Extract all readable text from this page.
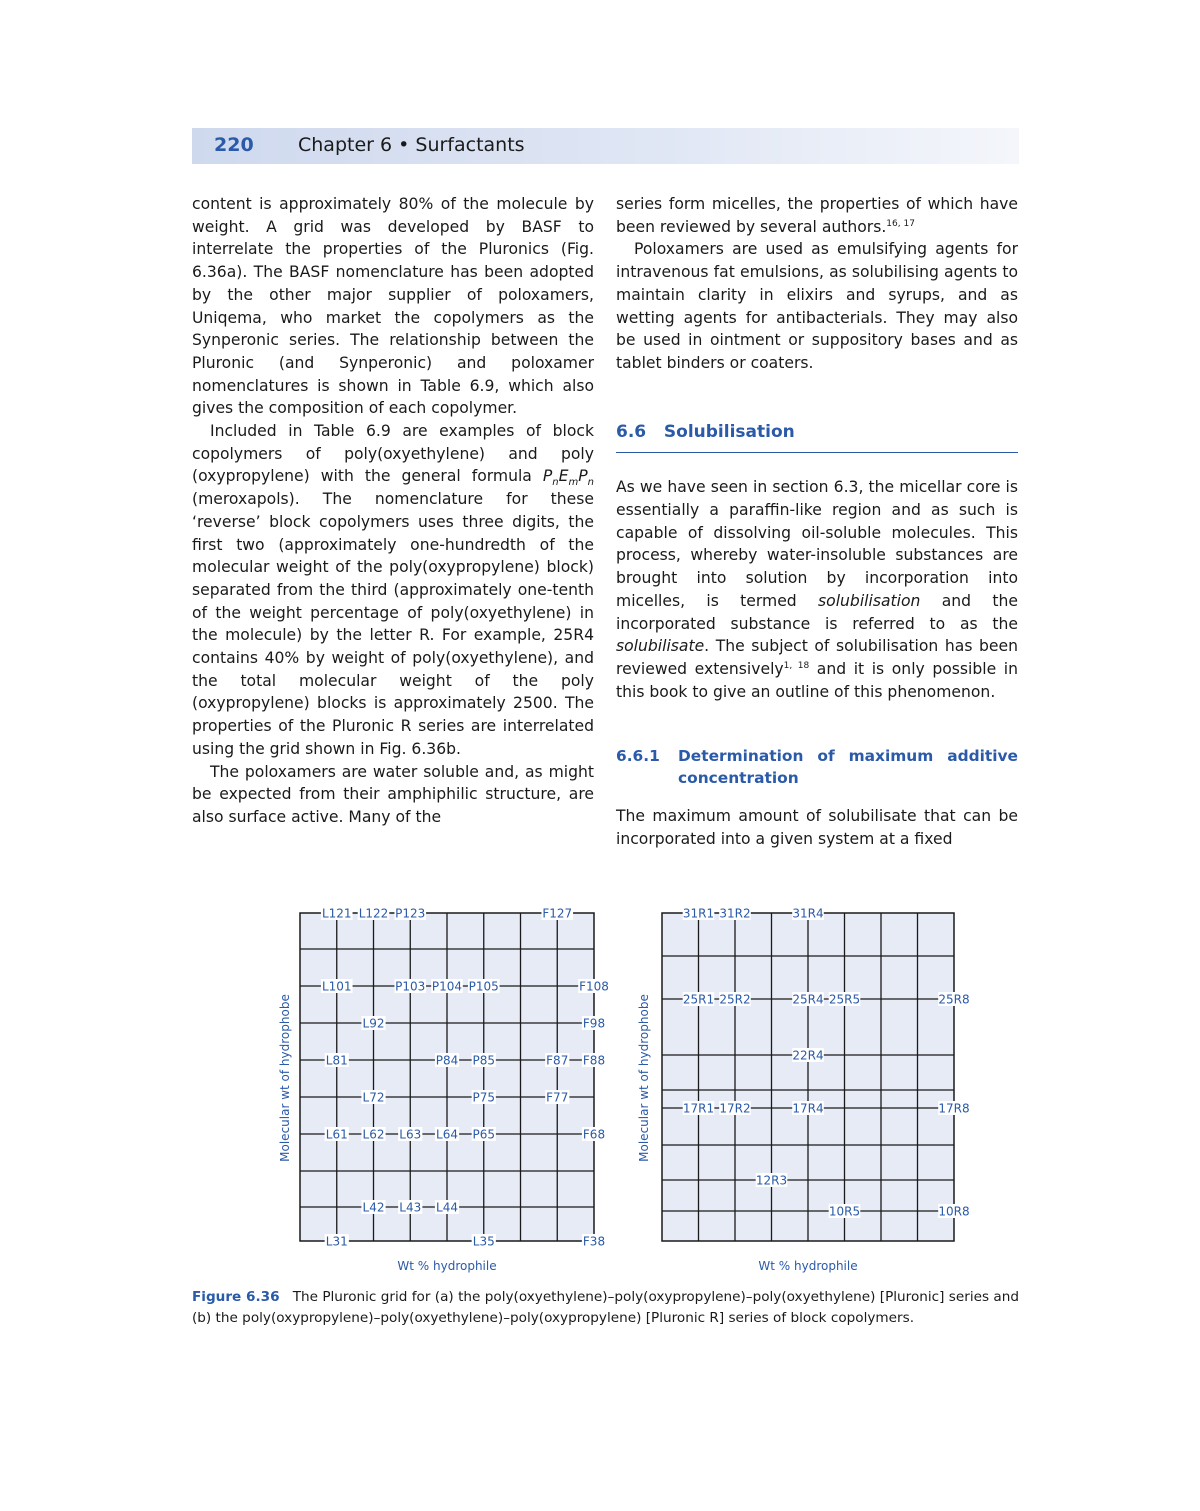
220 Chapter 6 • Surfactants

content is approximately 80% of the molecule by weight. A grid was developed by BASF to interrelate the properties of the Pluronics (Fig. 6.36a). The BASF nomenclature has been adopted by the other major supplier of poloxamers, Uniqema, who market the copolymers as the Synperonic series. The relationship between the Pluronic (and Synperonic) and poloxamer nomenclatures is shown in Table 6.9, which also gives the composition of each copolymer.

Included in Table 6.9 are examples of block copolymers of poly(oxyethylene) and poly (oxypropylene) with the general formula $P_nE_mP_n$ (meroxapols). The nomenclature for these ‘reverse’ block copolymers uses three digits, the first two (approximately one-hundredth of the molecular weight of the poly(oxypropylene) block) separated from the third (approximately one-tenth of the weight percentage of poly(oxyethylene) in the molecule) by the letter R. For example, 25R4 contains 40% by weight of poly(oxyethylene), and the total molecular weight of the poly (oxypropylene) blocks is approximately 2500. The properties of the Pluronic R series are interrelated using the grid shown in Fig. 6.36b.

The poloxamers are water soluble and, as might be expected from their amphiphilic structure, are also surface active. Many of the

series form micelles, the properties of which have been reviewed by several authors.$^{16, 17}$

Poloxamers are used as emulsifying agents for intravenous fat emulsions, as solubilising agents to maintain clarity in elixirs and syrups, and as wetting agents for antibacterials. They may also be used in ointment or suppository bases and as tablet binders or coaters.

6.6 Solubilisation

As we have seen in section 6.3, the micellar core is essentially a paraffin-like region and as such is capable of dissolving oil-soluble molecules. This process, whereby water-insoluble substances are brought into solution by incorporation into micelles, is termed solubilisation and the incorporated substance is referred to as the solubilisate. The subject of solubilisation has been reviewed extensively$^{1, 18}$ and it is only possible in this book to give an outline of this phenomenon.

6.6.1	Determination of maximum additive concentration

The maximum amount of solubilisate that can be incorporated into a given system at a fixed

L121 L122 P123	F127
L101	P103 P104 P105	F108
L92	F98
L81	P84 P85	F87 F88
L72	P75	F77
L61 L62 L63 L64 P65	F68
L42 L43 L44
L31	L35	F38
31R1 31R2	31R4
25R1 25R2	25R4 25R5	25R8
22R4
17R1 17R2	17R4	17R8
12R3
10R5	10R8
Molecular wt of hydrophobe
Wt % hydrophile
Molecular wt of hydrophobe
Wt % hydrophile
Figure 6.36 The Pluronic grid for (a) the poly(oxyethylene)–poly(oxypropylene)–poly(oxyethylene) [Pluronic] series and (b) the poly(oxypropylene)–poly(oxyethylene)–poly(oxypropylene) [Pluronic R] series of block copolymers.
